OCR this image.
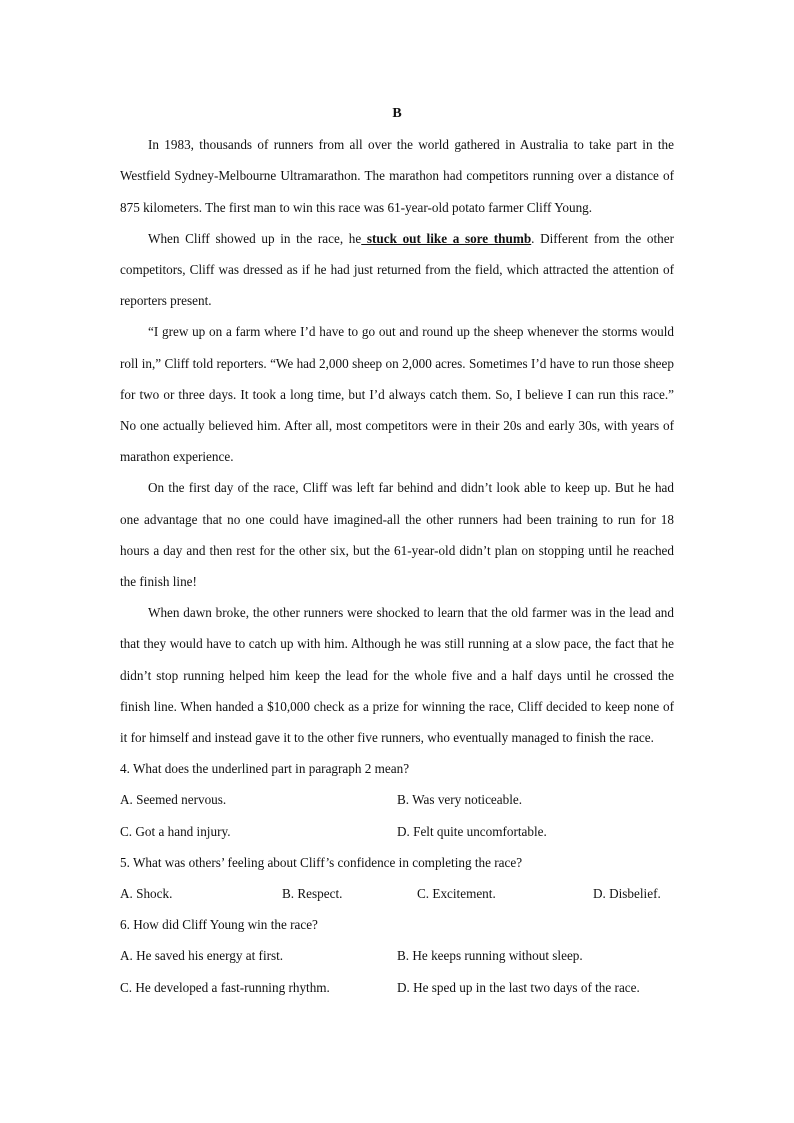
B

In 1983, thousands of runners from all over the world gathered in Australia to take part in the Westfield Sydney-Melbourne Ultramarathon. The marathon had competitors running over a distance of 875 kilometers. The first man to win this race was 61-year-old potato farmer Cliff Young.

When Cliff showed up in the race, he stuck out like a sore thumb. Different from the other competitors, Cliff was dressed as if he had just returned from the field, which attracted the attention of reporters present.

“I grew up on a farm where I’d have to go out and round up the sheep whenever the storms would roll in,” Cliff told reporters. “We had 2,000 sheep on 2,000 acres. Sometimes I’d have to run those sheep for two or three days. It took a long time, but I’d always catch them. So, I believe I can run this race.” No one actually believed him. After all, most competitors were in their 20s and early 30s, with years of marathon experience.

On the first day of the race, Cliff was left far behind and didn’t look able to keep up. But he had one advantage that no one could have imagined-all the other runners had been training to run for 18 hours a day and then rest for the other six, but the 61-year-old didn’t plan on stopping until he reached the finish line!

When dawn broke, the other runners were shocked to learn that the old farmer was in the lead and that they would have to catch up with him. Although he was still running at a slow pace, the fact that he didn’t stop running helped him keep the lead for the whole five and a half days until he crossed the finish line. When handed a $10,000 check as a prize for winning the race, Cliff decided to keep none of it for himself and instead gave it to the other five runners, who eventually managed to finish the race.

4. What does the underlined part in paragraph 2 mean?

A. Seemed nervous.	B. Was very noticeable.
C. Got a hand injury.	D. Felt quite uncomfortable.

5. What was others’ feeling about Cliff’s confidence in completing the race?

A. Shock.	B. Respect.	C. Excitement.	D. Disbelief.

6. How did Cliff Young win the race?

A. He saved his energy at first.	B. He keeps running without sleep.
C. He developed a fast-running rhythm.	D. He sped up in the last two days of the race.
